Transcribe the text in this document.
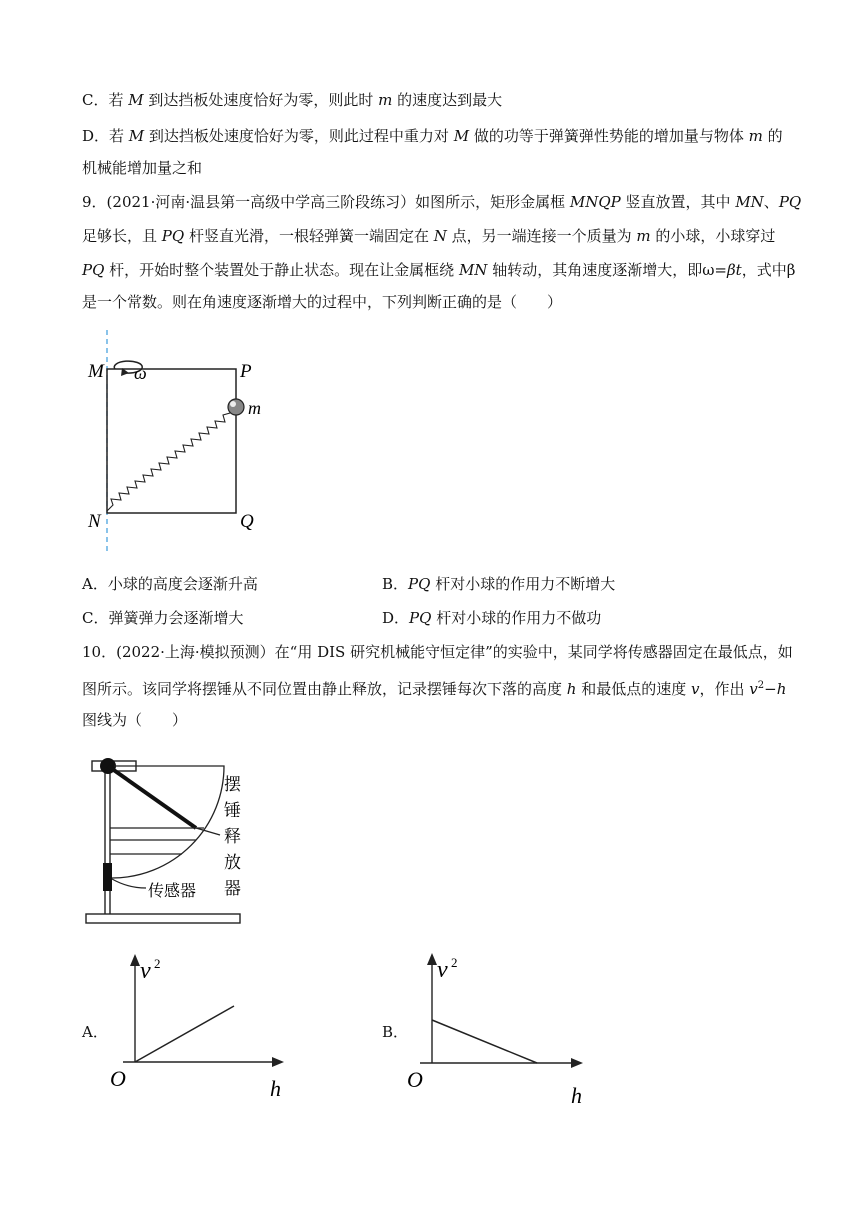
C．若 M 到达挡板处速度恰好为零，则此时 m 的速度达到最大
D．若 M 到达挡板处速度恰好为零，则此过程中重力对 M 做的功等于弹簧弹性势能的增加量与物体 m 的
机械能增加量之和
9．(2021·河南·温县第一高级中学高三阶段练习）如图所示，矩形金属框 MNQP 竖直放置，其中 MN、PQ
足够长，且 PQ 杆竖直光滑，一根轻弹簧一端固定在 N 点，另一端连接一个质量为 m 的小球，小球穿过
PQ 杆，开始时整个装置处于静止状态。现在让金属框绕 MN 轴转动，其角速度逐渐增大，即ω=βt，式中β
是一个常数。则在角速度逐渐增大的过程中，下列判断正确的是（　　）
ω
M	P
N	Q
m
A．小球的高度会逐渐升高	B．PQ 杆对小球的作用力不断增大
C．弹簧弹力会逐渐增大	D．PQ 杆对小球的作用力不做功
10．(2022·上海·模拟预测）在“用 DIS 研究机械能守恒定律”的实验中，某同学将传感器固定在最低点，如
图所示。该同学将摆锤从不同位置由静止释放，记录摆锤每次下落的高度 h 和最低点的速度 v，作出 $v^2-h$
图线为（　　）
摆
锤
释
放
器
传感器
A．
v 2
O	h
B．
v 2
O
h
